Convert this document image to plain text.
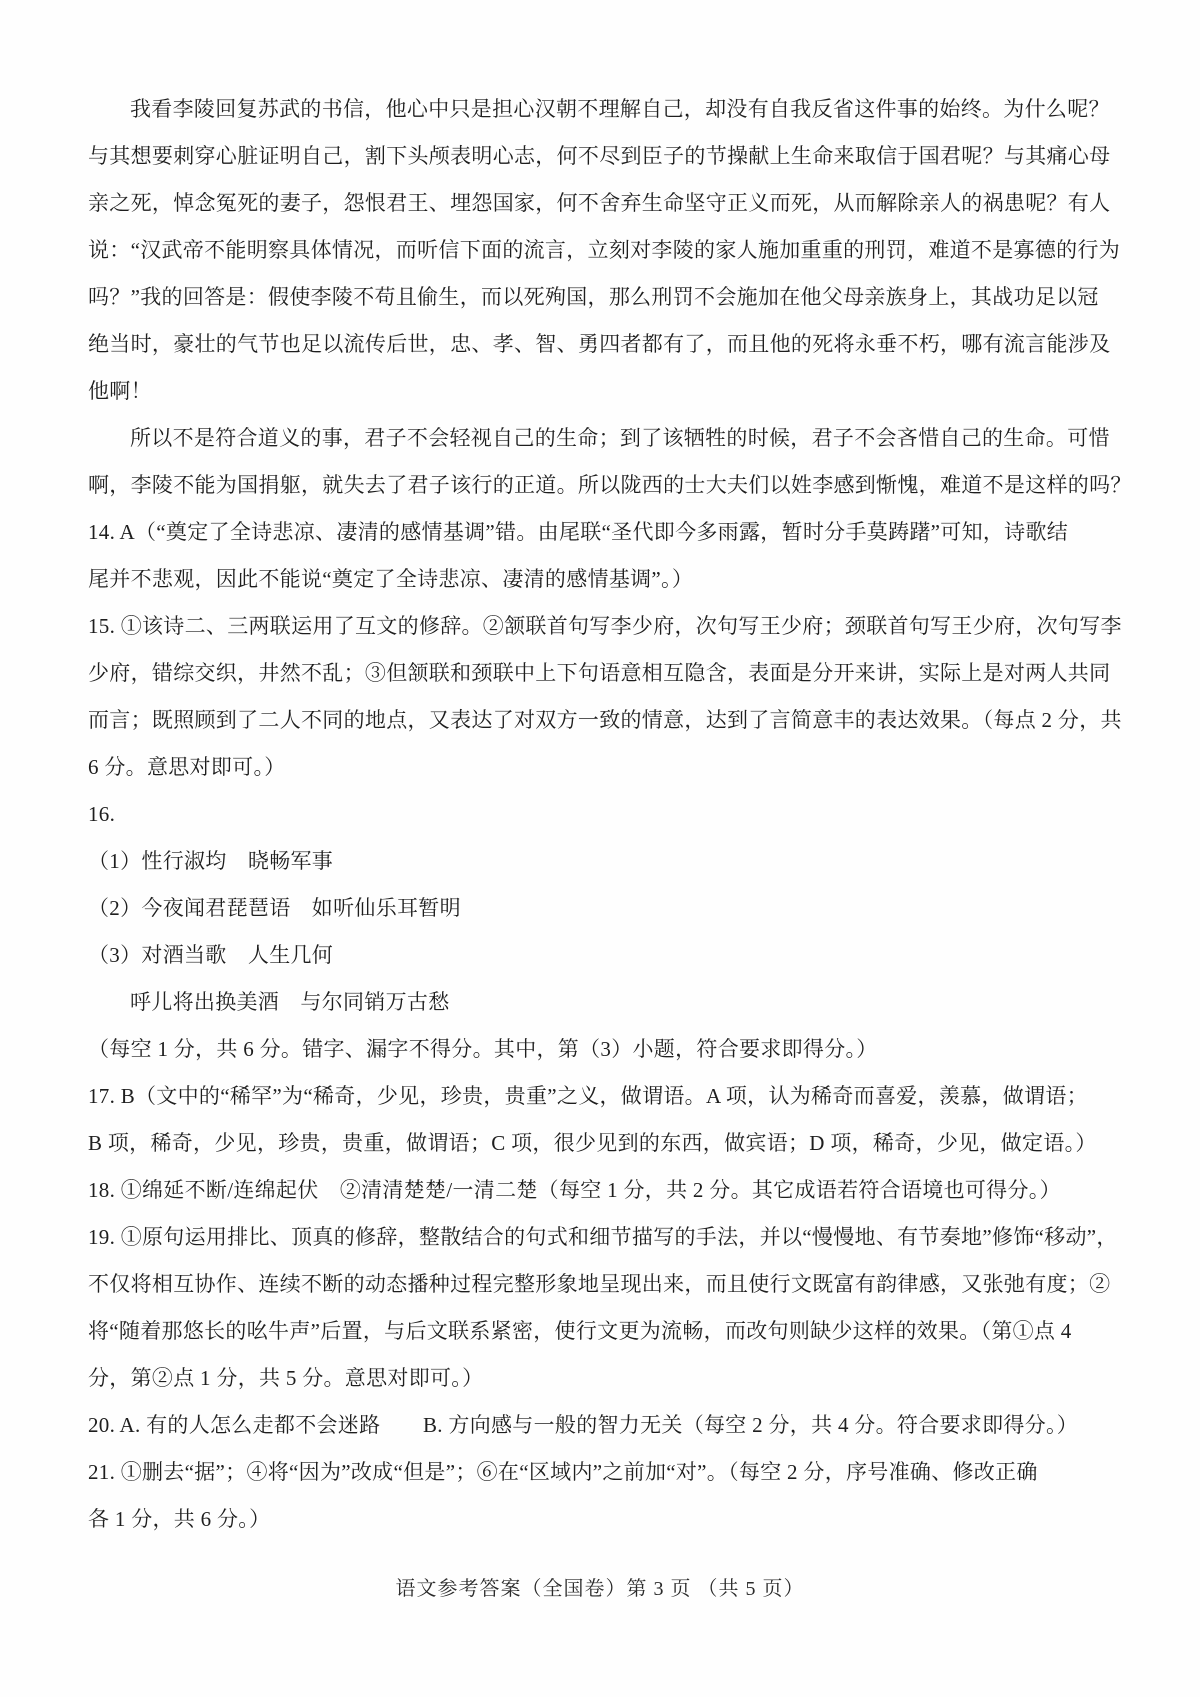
我看李陵回复苏武的书信，他心中只是担心汉朝不理解自己，却没有自我反省这件事的始终。为什么呢？

与其想要刺穿心脏证明自己，割下头颅表明心志，何不尽到臣子的节操献上生命来取信于国君呢？与其痛心母

亲之死，悼念冤死的妻子，怨恨君王、埋怨国家，何不舍弃生命坚守正义而死，从而解除亲人的祸患呢？有人

说：“汉武帝不能明察具体情况，而听信下面的流言，立刻对李陵的家人施加重重的刑罚，难道不是寡德的行为

吗？”我的回答是：假使李陵不苟且偷生，而以死殉国，那么刑罚不会施加在他父母亲族身上，其战功足以冠

绝当时，豪壮的气节也足以流传后世，忠、孝、智、勇四者都有了，而且他的死将永垂不朽，哪有流言能涉及

他啊！

所以不是符合道义的事，君子不会轻视自己的生命；到了该牺牲的时候，君子不会吝惜自己的生命。可惜

啊，李陵不能为国捐躯，就失去了君子该行的正道。所以陇西的士大夫们以姓李感到惭愧，难道不是这样的吗？

14. A（“奠定了全诗悲凉、凄清的感情基调”错。由尾联“圣代即今多雨露，暂时分手莫踌躇”可知，诗歌结

尾并不悲观，因此不能说“奠定了全诗悲凉、凄清的感情基调”。）

15. ①该诗二、三两联运用了互文的修辞。②颔联首句写李少府，次句写王少府；颈联首句写王少府，次句写李

少府，错综交织，井然不乱；③但颔联和颈联中上下句语意相互隐含，表面是分开来讲，实际上是对两人共同

而言；既照顾到了二人不同的地点，又表达了对双方一致的情意，达到了言简意丰的表达效果。（每点 2 分，共

6 分。意思对即可。）

16.

（1）性行淑均　晓畅军事

（2）今夜闻君琵琶语　如听仙乐耳暂明

（3）对酒当歌　人生几何

呼儿将出换美酒　与尔同销万古愁

（每空 1 分，共 6 分。错字、漏字不得分。其中，第（3）小题，符合要求即得分。）

17. B（文中的“稀罕”为“稀奇，少见，珍贵，贵重”之义，做谓语。A 项，认为稀奇而喜爱，羡慕，做谓语；

B 项，稀奇，少见，珍贵，贵重，做谓语；C 项，很少见到的东西，做宾语；D 项，稀奇，少见，做定语。）

18. ①绵延不断/连绵起伏　②清清楚楚/一清二楚（每空 1 分，共 2 分。其它成语若符合语境也可得分。）

19. ①原句运用排比、顶真的修辞，整散结合的句式和细节描写的手法，并以“慢慢地、有节奏地”修饰“移动”，

不仅将相互协作、连续不断的动态播种过程完整形象地呈现出来，而且使行文既富有韵律感，又张弛有度；②

将“随着那悠长的吆牛声”后置，与后文联系紧密，使行文更为流畅，而改句则缺少这样的效果。（第①点 4

分，第②点 1 分，共 5 分。意思对即可。）

20. A. 有的人怎么走都不会迷路　　B. 方向感与一般的智力无关（每空 2 分，共 4 分。符合要求即得分。）

21. ①删去“据”；④将“因为”改成“但是”；⑥在“区域内”之前加“对”。（每空 2 分，序号准确、修改正确

各 1 分，共 6 分。）

语文参考答案（全国卷）第 3 页 （共 5 页）
